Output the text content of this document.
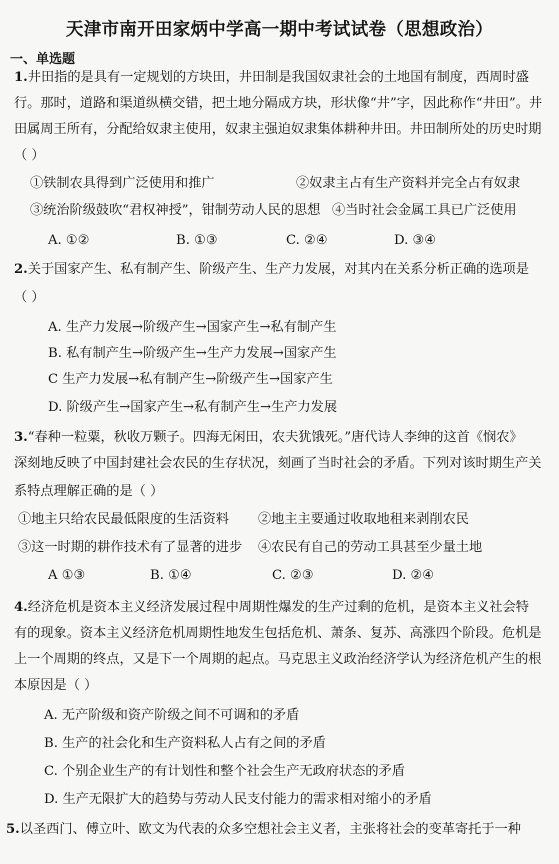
天津市南开田家炳中学高一期中考试试卷（思想政治）
一、单选题
1.井田指的是具有一定规划的方块田，井田制是我国奴隶社会的土地国有制度，西周时盛
行。那时，道路和渠道纵横交错，把土地分隔成方块，形状像“井”字，因此称作“井田”。井
田属周王所有，分配给奴隶主使用，奴隶主强迫奴隶集体耕种井田。井田制所处的历史时期
（ ）
①铁制农具得到广泛使用和推广	②奴隶主占有生产资料并完全占有奴隶
③统治阶级鼓吹“君权神授”，钳制劳动人民的思想 ④当时社会金属工具已广泛使用
A. ①②	B. ①③	C. ②④	D. ③④
2.关于国家产生、私有制产生、阶级产生、生产力发展，对其内在关系分析正确的选项是
（ ）
A. 生产力发展→阶级产生→国家产生→私有制产生
B. 私有制产生→阶级产生→生产力发展→国家产生
C 生产力发展→私有制产生→阶级产生→国家产生
D. 阶级产生→国家产生→私有制产生→生产力发展
3.“春种一粒粟，秋收万颗子。四海无闲田，农夫犹饿死。”唐代诗人李绅的这首《悯农》
深刻地反映了中国封建社会农民的生存状况，刻画了当时社会的矛盾。下列对该时期生产关
系特点理解正确的是（ ）
①地主只给农民最低限度的生活资料 ②地主主要通过收取地租来剥削农民
③这一时期的耕作技术有了显著的进步 ④农民有自己的劳动工具甚至少量土地
A ①③	B. ①④	C. ②③	D. ②④
4.经济危机是资本主义经济发展过程中周期性爆发的生产过剩的危机，是资本主义社会特
有的现象。资本主义经济危机周期性地发生包括危机、萧条、复苏、高涨四个阶段。危机是
上一个周期的终点，又是下一个周期的起点。马克思主义政治经济学认为经济危机产生的根
本原因是（ ）
A. 无产阶级和资产阶级之间不可调和的矛盾
B. 生产的社会化和生产资料私人占有之间的矛盾
C. 个别企业生产的有计划性和整个社会生产无政府状态的矛盾
D. 生产无限扩大的趋势与劳动人民支付能力的需求相对缩小的矛盾
5.以圣西门、傅立叶、欧文为代表的众多空想社会主义者，主张将社会的变革寄托于一种
